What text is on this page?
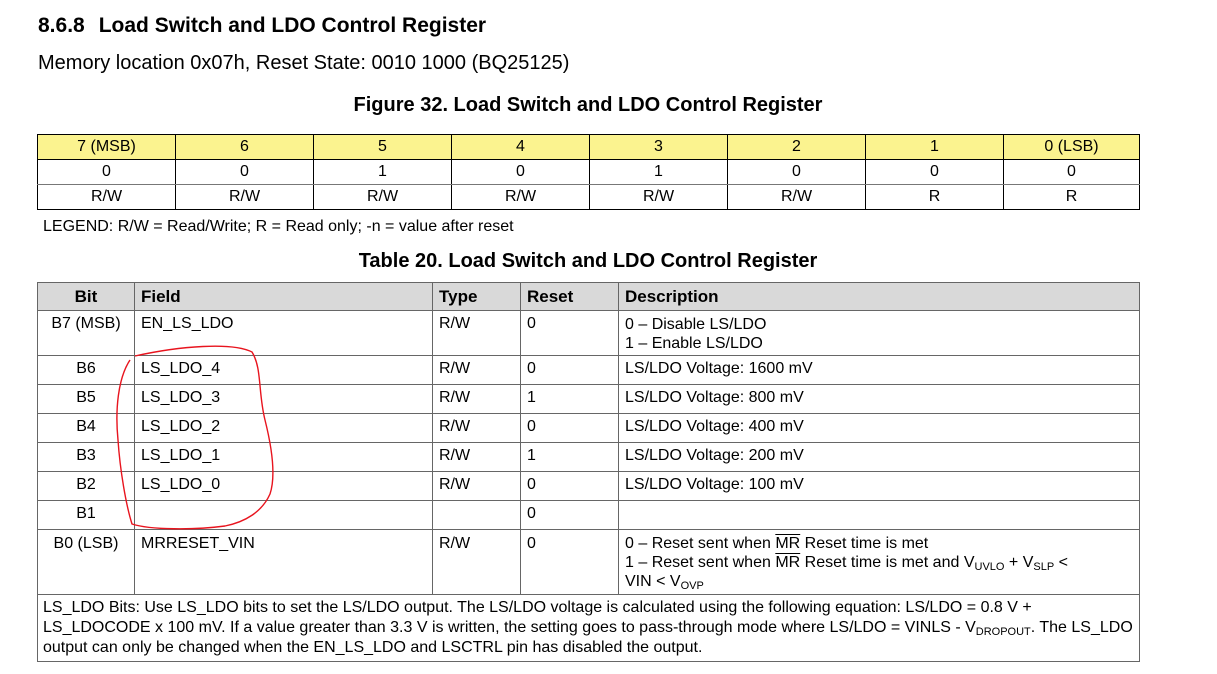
8.6.8 Load Switch and LDO Control Register
Memory location 0x07h, Reset State: 0010 1000 (BQ25125)
Figure 32. Load Switch and LDO Control Register
7 (MSB)	6	5	4	3	2	1	0 (LSB)
0	0	1	0	1	0	0	0
R/W	R/W	R/W	R/W	R/W	R/W	R	R
LEGEND: R/W = Read/Write; R = Read only; -n = value after reset
Table 20. Load Switch and LDO Control Register
Bit	Field	Type	Reset	Description
B7 (MSB)	EN_LS_LDO	R/W	0	0 – Disable LS/LDO
1 – Enable LS/LDO

B6	LS_LDO_4	R/W	0	LS/LDO Voltage: 1600 mV
B5	LS_LDO_3	R/W	1	LS/LDO Voltage: 800 mV
B4	LS_LDO_2	R/W	0	LS/LDO Voltage: 400 mV
B3	LS_LDO_1	R/W	1	LS/LDO Voltage: 200 mV
B2	LS_LDO_0	R/W	0	LS/LDO Voltage: 100 mV
B1			0	
B0 (LSB)	MRRESET_VIN	R/W	0	0 – Reset sent when $\overline{MR}$ Reset time is met
1 – Reset sent when $\overline{MR}$ Reset time is met and $V_{UVLO} + V_{SLP}$ <
VIN < $V_{OVP}$

LS_LDO Bits: Use LS_LDO bits to set the LS/LDO output. The LS/LDO voltage is calculated using the following equation: LS/LDO = 0.8 V + LS_LDOCODE x 100 mV. If a value greater than 3.3 V is written, the setting goes to pass-through mode where LS/LDO = VINLS - $V_{DROPOUT}$. The LS_LDO output can only be changed when the EN_LS_LDO and LSCTRL pin has disabled the output.				
